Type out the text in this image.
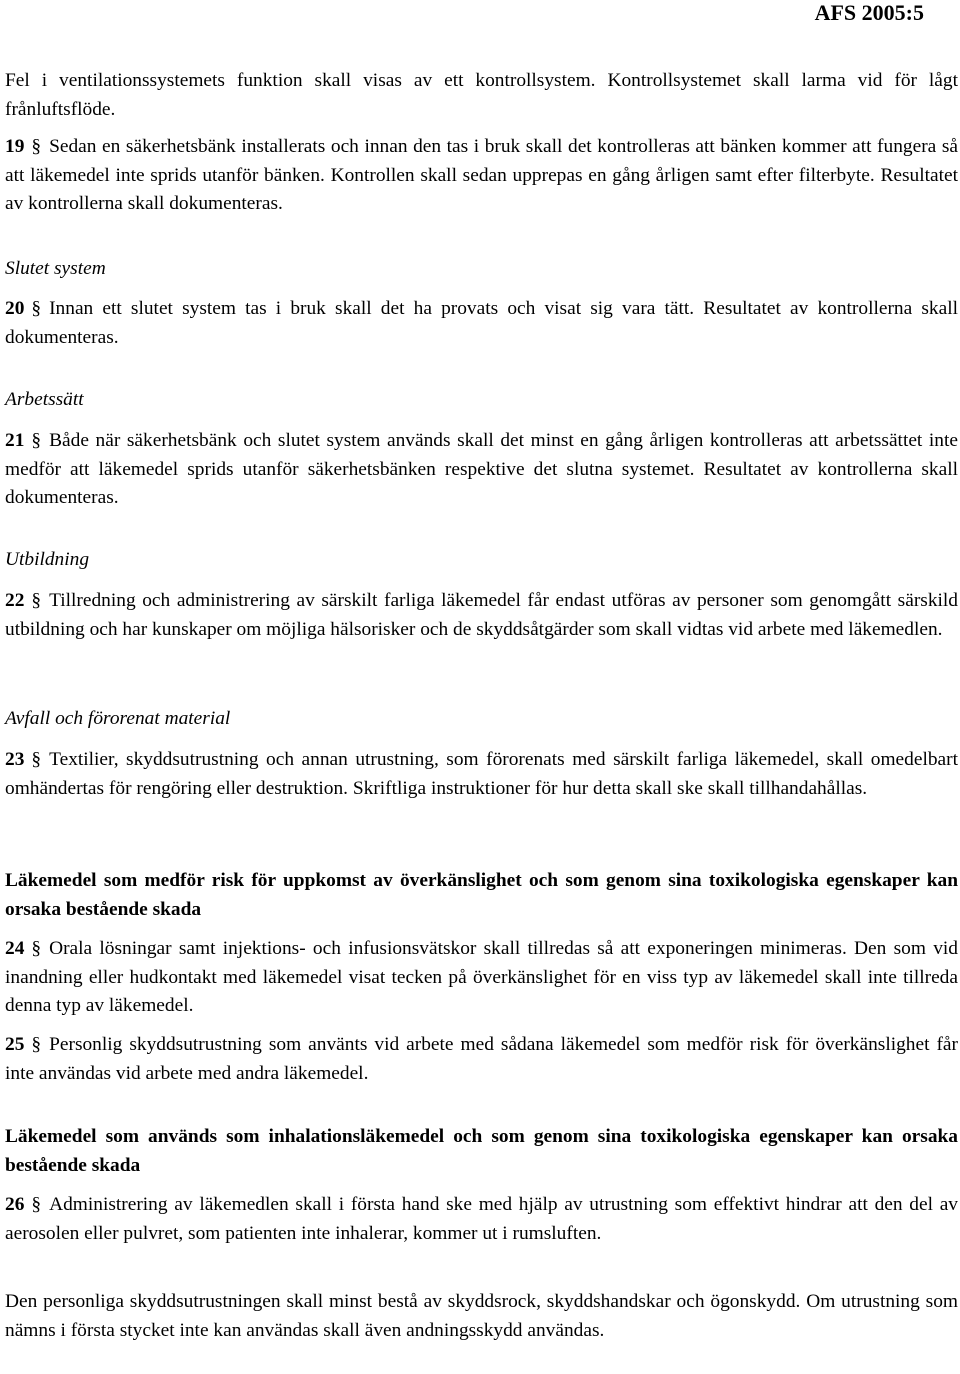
AFS 2005:5

Fel i ventilationssystemets funktion skall visas av ett kontrollsystem. Kontrollsystemet skall larma vid för lågt frånluftsflöde.

19 § Sedan en säkerhetsbänk installerats och innan den tas i bruk skall det kontrolleras att bänken kommer att fungera så att läkemedel inte sprids utanför bänken. Kontrollen skall sedan upprepas en gång årligen samt efter filterbyte. Resultatet av kontrollerna skall dokumenteras.

Slutet system

20 § Innan ett slutet system tas i bruk skall det ha provats och visat sig vara tätt. Resultatet av kontrollerna skall dokumenteras.

Arbetssätt

21 § Både när säkerhetsbänk och slutet system används skall det minst en gång årligen kontrolleras att arbetssättet inte medför att läkemedel sprids utanför säkerhetsbänken respektive det slutna systemet. Resultatet av kontrollerna skall dokumenteras.

Utbildning

22 § Tillredning och administrering av särskilt farliga läkemedel får endast utföras av personer som genomgått särskild utbildning och har kunskaper om möjliga hälsorisker och de skyddsåtgärder som skall vidtas vid arbete med läkemedlen.

Avfall och förorenat material

23 § Textilier, skyddsutrustning och annan utrustning, som förorenats med särskilt farliga läkemedel, skall omedelbart omhändertas för rengöring eller destruktion. Skriftliga instruktioner för hur detta skall ske skall tillhandahållas.

Läkemedel som medför risk för uppkomst av överkänslighet och som genom sina toxikologiska egenskaper kan orsaka bestående skada

24 § Orala lösningar samt injektions- och infusionsvätskor skall tillredas så att exponeringen minimeras. Den som vid inandning eller hudkontakt med läkemedel visat tecken på överkänslighet för en viss typ av läkemedel skall inte tillreda denna typ av läkemedel.

25 § Personlig skyddsutrustning som använts vid arbete med sådana läkemedel som medför risk för överkänslighet får inte användas vid arbete med andra läkemedel.

Läkemedel som används som inhalationsläkemedel och som genom sina toxikologiska egenskaper kan orsaka bestående skada

26 § Administrering av läkemedlen skall i första hand ske med hjälp av utrustning som effektivt hindrar att den del av aerosolen eller pulvret, som patienten inte inhalerar, kommer ut i rumsluften.

Den personliga skyddsutrustningen skall minst bestå av skyddsrock, skyddshandskar och ögonskydd. Om utrustning som nämns i första stycket inte kan användas skall även andningsskydd användas.
